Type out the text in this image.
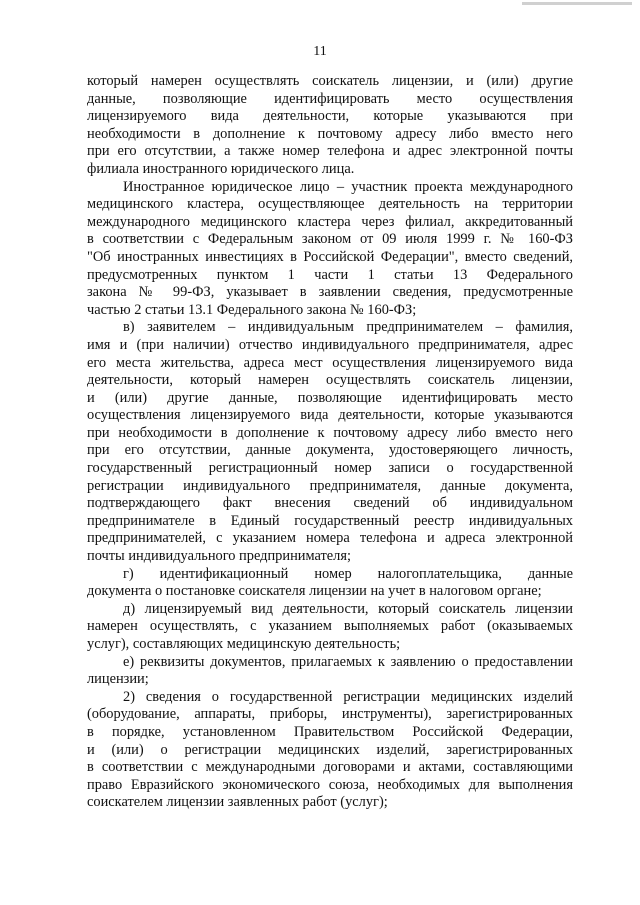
11
который намерен осуществлять соискатель лицензии, и (или) другие
данные, позволяющие идентифицировать место осуществления
лицензируемого вида деятельности, которые указываются при
необходимости в дополнение к почтовому адресу либо вместо него
при его отсутствии, а также номер телефона и адрес электронной почты
филиала иностранного юридического лица.
Иностранное юридическое лицо – участник проекта международного
медицинского кластера, осуществляющее деятельность на территории
международного медицинского кластера через филиал, аккредитованный
в соответствии с Федеральным законом от 09 июля 1999 г. № 160-ФЗ
"Об иностранных инвестициях в Российской Федерации", вместо сведений,
предусмотренных пунктом 1 части 1 статьи 13 Федерального
закона № 99-ФЗ, указывает в заявлении сведения, предусмотренные
частью 2 статьи 13.1 Федерального закона № 160-ФЗ;
в) заявителем – индивидуальным предпринимателем – фамилия,
имя и (при наличии) отчество индивидуального предпринимателя, адрес
его места жительства, адреса мест осуществления лицензируемого вида
деятельности, который намерен осуществлять соискатель лицензии,
и (или) другие данные, позволяющие идентифицировать место
осуществления лицензируемого вида деятельности, которые указываются
при необходимости в дополнение к почтовому адресу либо вместо него
при его отсутствии, данные документа, удостоверяющего личность,
государственный регистрационный номер записи о государственной
регистрации индивидуального предпринимателя, данные документа,
подтверждающего факт внесения сведений об индивидуальном
предпринимателе в Единый государственный реестр индивидуальных
предпринимателей, с указанием номера телефона и адреса электронной
почты индивидуального предпринимателя;
г) идентификационный номер налогоплательщика, данные
документа о постановке соискателя лицензии на учет в налоговом органе;
д) лицензируемый вид деятельности, который соискатель лицензии
намерен осуществлять, с указанием выполняемых работ (оказываемых
услуг), составляющих медицинскую деятельность;
е) реквизиты документов, прилагаемых к заявлению о предоставлении
лицензии;
2) сведения о государственной регистрации медицинских изделий
(оборудование, аппараты, приборы, инструменты), зарегистрированных
в порядке, установленном Правительством Российской Федерации,
и (или) о регистрации медицинских изделий, зарегистрированных
в соответствии с международными договорами и актами, составляющими
право Евразийского экономического союза, необходимых для выполнения
соискателем лицензии заявленных работ (услуг);
